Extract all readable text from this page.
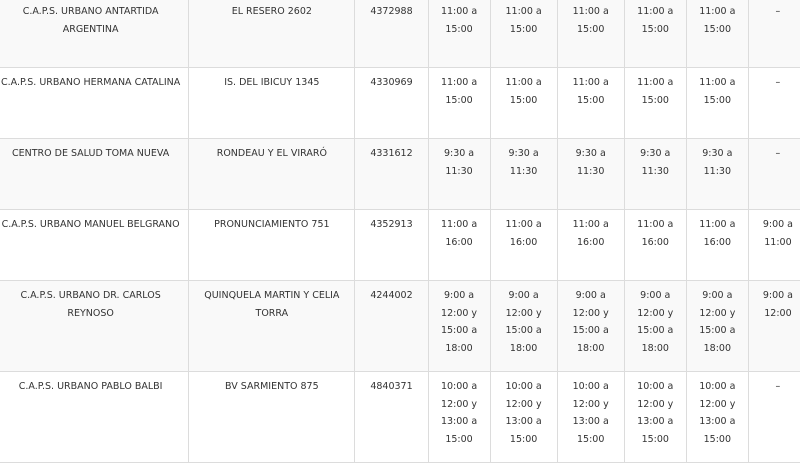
C.A.P.S. URBANO ANTARTIDA ARGENTINA	EL RESERO 2602	4372988	11:00 a
15:00	11:00 a
15:00	11:00 a
15:00	11:00 a
15:00	11:00 a
15:00	–

C.A.P.S. URBANO HERMANA CATALINA	IS. DEL IBICUY 1345	4330969	11:00 a
15:00	11:00 a
15:00	11:00 a
15:00	11:00 a
15:00	11:00 a
15:00	–

CENTRO DE SALUD TOMA NUEVA	RONDEAU Y EL VIRARÓ	4331612	9:30 a
11:30	9:30 a
11:30	9:30 a
11:30	9:30 a
11:30	9:30 a
11:30	–

C.A.P.S. URBANO MANUEL BELGRANO	PRONUNCIAMIENTO 751	4352913	11:00 a
16:00	11:00 a
16:00	11:00 a
16:00	11:00 a
16:00	11:00 a
16:00	9:00 a
11:00

C.A.P.S. URBANO DR. CARLOS REYNOSO	QUINQUELA MARTIN Y CELIA TORRA	4244002	9:00 a
12:00 y
15:00 a
18:00	9:00 a
12:00 y
15:00 a
18:00	9:00 a
12:00 y
15:00 a
18:00	9:00 a
12:00 y
15:00 a
18:00	9:00 a
12:00 y
15:00 a
18:00	9:00 a
12:00

C.A.P.S. URBANO PABLO BALBI	BV SARMIENTO 875	4840371	10:00 a
12:00 y
13:00 a
15:00	10:00 a
12:00 y
13:00 a
15:00	10:00 a
12:00 y
13:00 a
15:00	10:00 a
12:00 y
13:00 a
15:00	10:00 a
12:00 y
13:00 a
15:00	–
